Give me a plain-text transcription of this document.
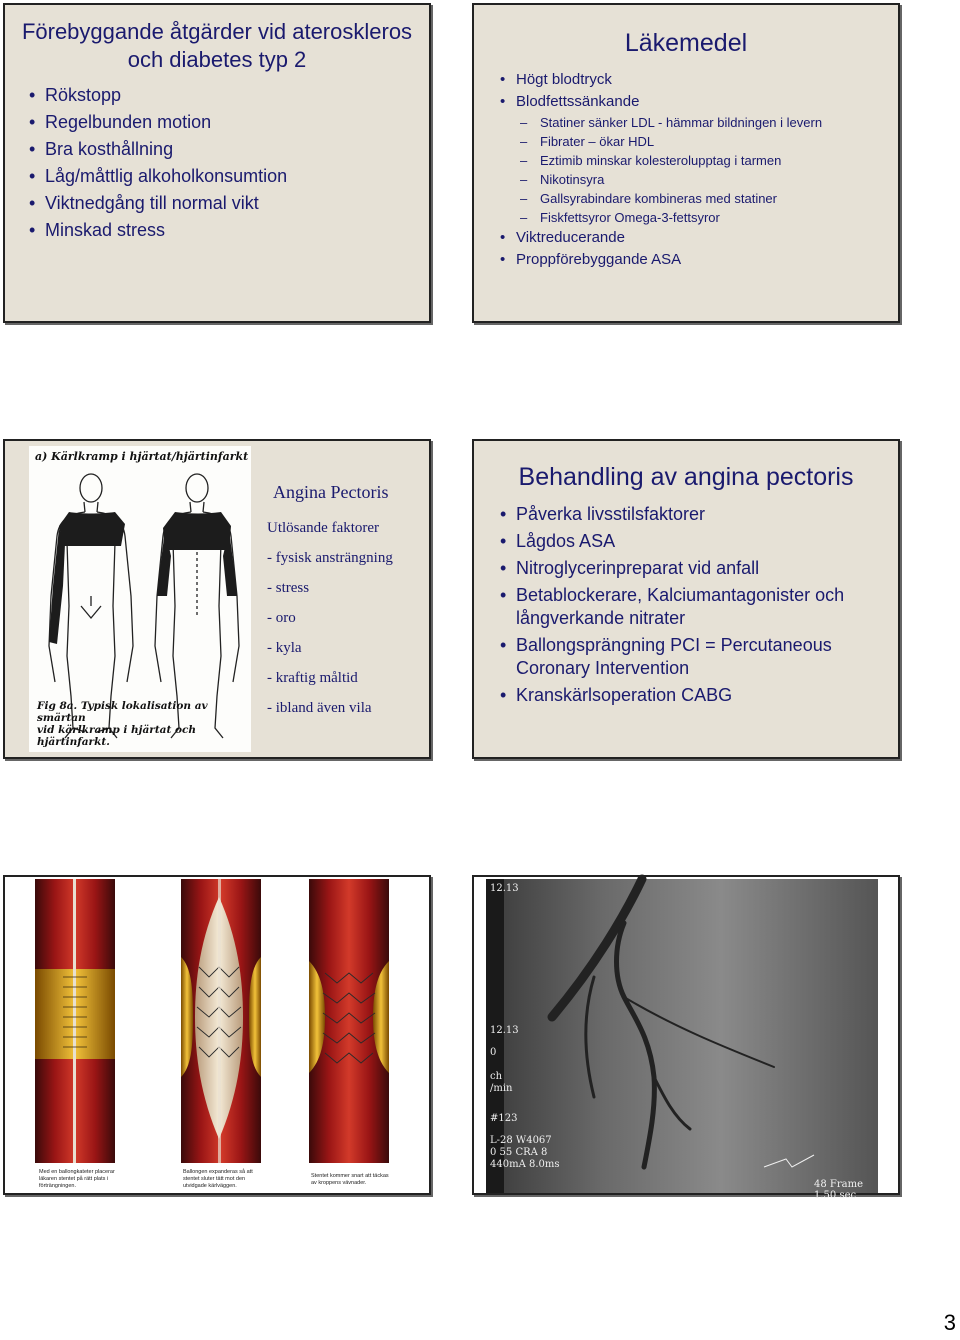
Förebyggande åtgärder vid ateroskleros och diabetes typ 2
• Rökstopp
• Regelbunden motion
• Bra kosthållning
• Låg/måttlig alkoholkonsumtion
• Viktnedgång till normal vikt
• Minskad stress
Läkemedel
• Högt blodtryck
• Blodfettssänkande
– Statiner sänker LDL - hämmar bildningen i levern
– Fibrater – ökar HDL
– Eztimib minskar kolesterolupptag i tarmen
– Nikotinsyra
– Gallsyrabindare kombineras med statiner
– Fiskfettsyror Omega-3-fettsyror
• Viktreducerande
• Proppförebyggande ASA
a) Kärlkramp i hjärtat/hjärtinfarkt
Fig 8a. Typisk lokalisation av smärtan
vid kärlkramp i hjärtat och hjärtinfarkt.
Angina Pectoris
Utlösande faktorer
- fysisk ansträngning
- stress
- oro
- kyla
- kraftig måltid
- ibland även vila
Behandling av angina pectoris
• Påverka livsstilsfaktorer
• Lågdos ASA
• Nitroglycerinpreparat vid anfall
• Betablockerare, Kalciumantagonister och långverkande nitrater
• Ballongsprängning PCI = Percutaneous Coronary Intervention
• Kranskärlsoperation CABG
Med en ballongkateter placerar läkaren stentet på rätt plats i förträngningen.
Ballongen expanderas så att stentet sluter tätt mot den utvidgade kärlväggen.
Stentet kommer snart att täckas av kroppens vävnader.
12.13
12.13
0
ch
/min
#123
L-28 W4067
0 55 CRA 8
440mA 8.0ms
48 Frame
1.50 sec
3
